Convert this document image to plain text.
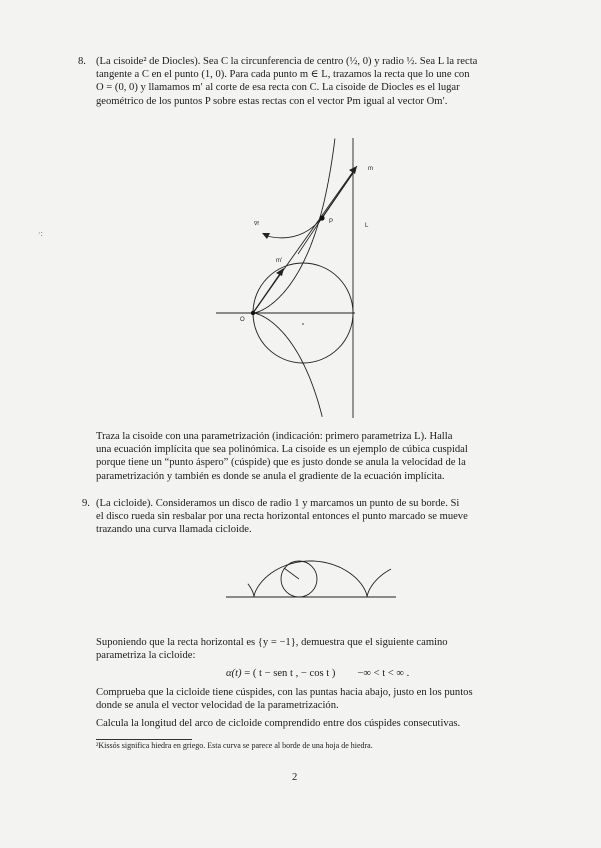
8. (La cisoide² de Diocles). Sea C la circunferencia de centro (½, 0) y radio ½. Sea L la recta
tangente a C en el punto (1, 0). Para cada punto m ∈ L, trazamos la recta que lo une con
O = (0, 0) y llamamos m′ al corte de esa recta con C. La cisoide de Diocles es el lugar
geométrico de los puntos P sobre estas rectas con el vector Pm igual al vector Om′.
m
P
L
m'
O
∇f
Traza la cisoide con una parametrización (indicación: primero parametriza L). Halla
una ecuación implícita que sea polinómica. La cisoide es un ejemplo de cúbica cuspidal
porque tiene un “punto áspero” (cúspide) que es justo donde se anula la velocidad de la
parametrización y también es donde se anula el gradiente de la ecuación implícita.
9. (La cicloide). Consideramos un disco de radio 1 y marcamos un punto de su borde. Si
el disco rueda sin resbalar por una recta horizontal entonces el punto marcado se mueve
trazando una curva llamada cicloide.
Suponiendo que la recta horizontal es {y = −1}, demuestra que el siguiente camino
parametriza la cicloide:
α(t) = ( t − sen t , − cos t ) −∞ < t < ∞ .
Comprueba que la cicloide tiene cúspides, con las puntas hacia abajo, justo en los puntos
donde se anula el vector velocidad de la parametrización.
Calcula la longitud del arco de cicloide comprendido entre dos cúspides consecutivas.
²Kissós significa hiedra en griego. Esta curva se parece al borde de una hoja de hiedra.
2
·:
